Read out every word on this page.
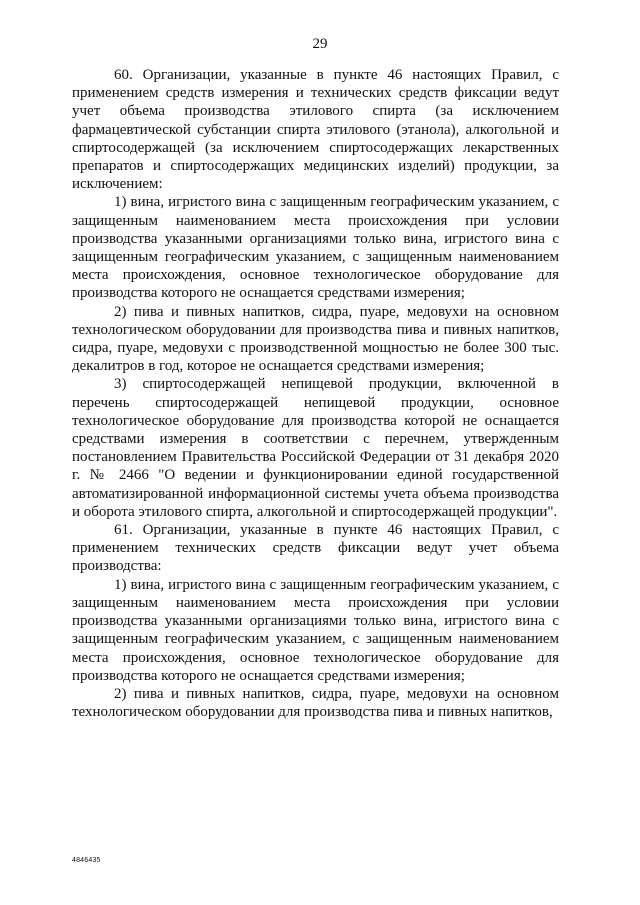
29

60. Организации, указанные в пункте 46 настоящих Правил, с применением средств измерения и технических средств фиксации ведут учет объема производства этилового спирта (за исключением фармацевтической субстанции спирта этилового (этанола), алкогольной и спиртосодержащей (за исключением спиртосодержащих лекарственных препаратов и спиртосодержащих медицинских изделий) продукции, за исключением:

1) вина, игристого вина с защищенным географическим указанием, с защищенным наименованием места происхождения при условии производства указанными организациями только вина, игристого вина с защищенным географическим указанием, с защищенным наименованием места происхождения, основное технологическое оборудование для производства которого не оснащается средствами измерения;

2) пива и пивных напитков, сидра, пуаре, медовухи на основном технологическом оборудовании для производства пива и пивных напитков, сидра, пуаре, медовухи с производственной мощностью не более 300 тыс. декалитров в год, которое не оснащается средствами измерения;

3) спиртосодержащей непищевой продукции, включенной в перечень спиртосодержащей непищевой продукции, основное технологическое оборудование для производства которой не оснащается средствами измерения в соответствии с перечнем, утвержденным постановлением Правительства Российской Федерации от 31 декабря 2020 г. № 2466 "О ведении и функционировании единой государственной автоматизированной информационной системы учета объема производства и оборота этилового спирта, алкогольной и спиртосодержащей продукции".

61. Организации, указанные в пункте 46 настоящих Правил, с применением технических средств фиксации ведут учет объема производства:

1) вина, игристого вина с защищенным географическим указанием, с защищенным наименованием места происхождения при условии производства указанными организациями только вина, игристого вина с защищенным географическим указанием, с защищенным наименованием места происхождения, основное технологическое оборудование для производства которого не оснащается средствами измерения;

2) пива и пивных напитков, сидра, пуаре, медовухи на основном технологическом оборудовании для производства пива и пивных напитков,

4846435
